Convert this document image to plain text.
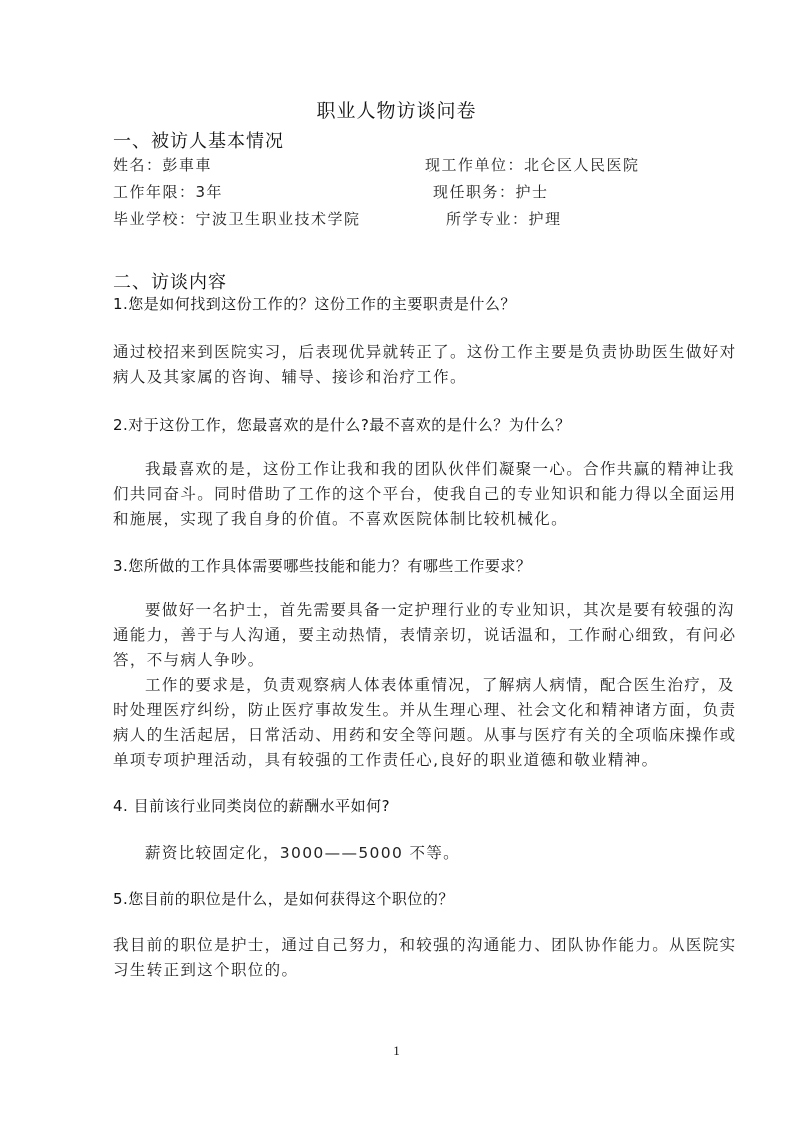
职业人物访谈问卷
一、被访人基本情况
姓名：彭車車	现工作单位：北仑区人民医院
工作年限：3年	现任职务：护士
毕业学校：宁波卫生职业技术学院	所学专业：护理
二、访谈内容
1.您是如何找到这份工作的？这份工作的主要职责是什么？
通过校招来到医院实习，后表现优异就转正了。这份工作主要是负责协助医生做好对
病人及其家属的咨询、辅导、接诊和治疗工作。
2.对于这份工作，您最喜欢的是什么?最不喜欢的是什么？为什么？
我最喜欢的是，这份工作让我和我的团队伙伴们凝聚一心。合作共赢的精神让我
们共同奋斗。同时借助了工作的这个平台，使我自己的专业知识和能力得以全面运用
和施展，实现了我自身的价值。不喜欢医院体制比较机械化。
3.您所做的工作具体需要哪些技能和能力？有哪些工作要求？
要做好一名护士，首先需要具备一定护理行业的专业知识，其次是要有较强的沟
通能力，善于与人沟通，要主动热情，表情亲切，说话温和，工作耐心细致，有问必
答，不与病人争吵。
工作的要求是，负责观察病人体表体重情况，了解病人病情，配合医生治疗，及
时处理医疗纠纷，防止医疗事故发生。并从生理心理、社会文化和精神诸方面，负责
病人的生活起居，日常活动、用药和安全等问题。从事与医疗有关的全项临床操作或
单项专项护理活动，具有较强的工作责任心,良好的职业道德和敬业精神。
4. 目前该行业同类岗位的薪酬水平如何?
薪资比较固定化，3000——5000 不等。
5.您目前的职位是什么，是如何获得这个职位的？
我目前的职位是护士，通过自己努力，和较强的沟通能力、团队协作能力。从医院实
习生转正到这个职位的。
1
